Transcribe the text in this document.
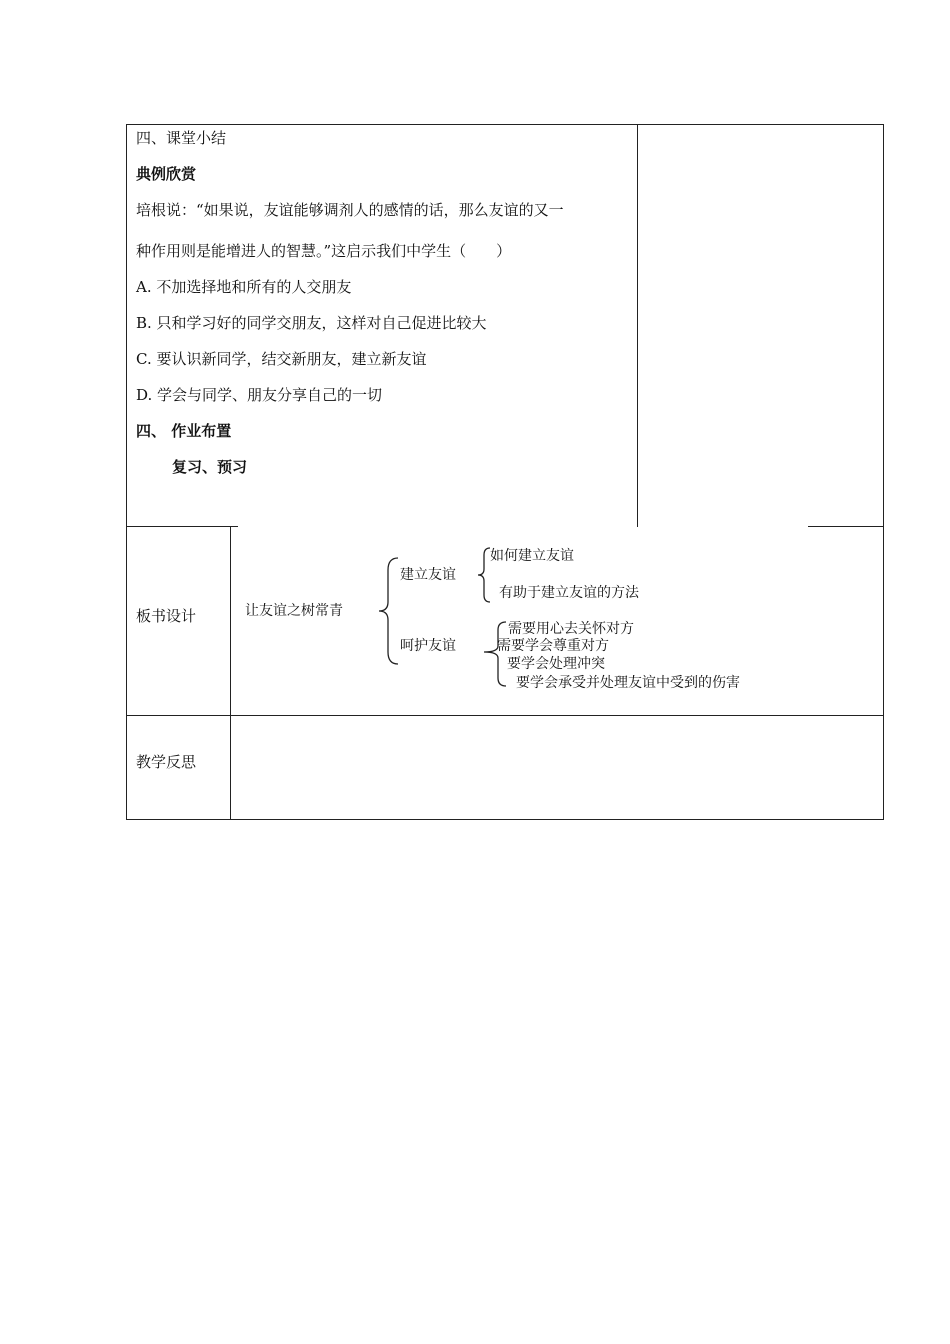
四、课堂小结
典例欣赏
培根说：“如果说，友谊能够调剂人的感情的话，那么友谊的又一
种作用则是能增进人的智慧。”这启示我们中学生（　　）
A. 不加选择地和所有的人交朋友
B. 只和学习好的同学交朋友，这样对自己促进比较大
C. 要认识新同学，结交新朋友，建立新友谊
D. 学会与同学、朋友分享自己的一切
四、 作业布置
复习、预习
板书设计	让友谊之树常青
建立友谊
如何建立友谊
有助于建立友谊的方法
呵护友谊
需要用心去关怀对方
需要学会尊重对方
要学会处理冲突
要学会承受并处理友谊中受到的伤害
教学反思
